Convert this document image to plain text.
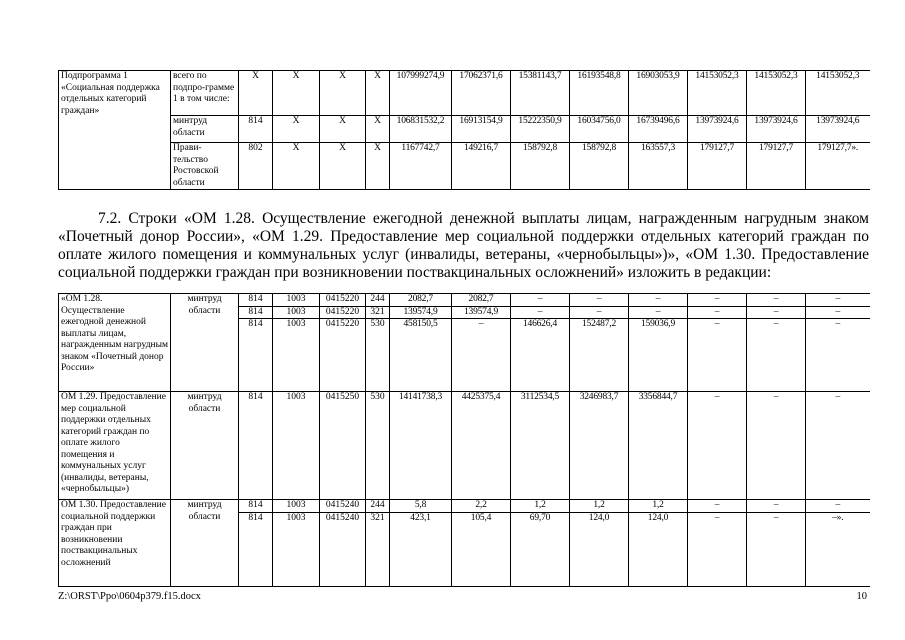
Подпрограмма 1 «Социальная поддержка отдельных категорий граждан»	всего по подпро-грамме 1 в том числе:	Х	Х	Х	Х	107999274,9	17062371,6	15381143,7	16193548,8	16903053,9	14153052,3	14153052,3	14153052,3
	минтруд области	814	Х	Х	Х	106831532,2	16913154,9	15222350,9	16034756,0	16739496,6	13973924,6	13973924,6	13973924,6
	Прави-тельство Ростовской области	802	Х	Х	Х	1167742,7	149216,7	158792,8	158792,8	163557,3	179127,7	179127,7	179127,7».

7.2. Строки «ОМ 1.28. Осуществление ежегодной денежной выплаты лицам, награжденным нагрудным знаком «Почетный донор России», «ОМ 1.29. Предоставление мер социальной поддержки отдельных категорий граждан по оплате жилого помещения и коммунальных услуг (инвалиды, ветераны, «чернобыльцы»)», «ОМ 1.30. Предоставление социальной поддержки граждан при возникновении поствакцинальных осложнений» изложить в редакции:

«ОМ 1.28. Осуществление ежегодной денежной выплаты лицам, награжденным нагрудным знаком «Почетный донор России»	минтруд области	814	1003	0415220	244	2082,7	2082,7	–	–	–	–	–	–
		814	1003	0415220	321	139574,9	139574,9	–	–	–	–	–	–
		814	1003	0415220	530	458150,5	–	146626,4	152487,2	159036,9	–	–	–
ОМ 1.29. Предоставление мер социальной поддержки отдельных категорий граждан по оплате жилого помещения и коммунальных услуг (инвалиды, ветераны, «чернобыльцы»)	минтруд области	814	1003	0415250	530	14141738,3	4425375,4	3112534,5	3246983,7	3356844,7	–	–	–
ОМ 1.30. Предоставление социальной поддержки граждан при возникновении поствакцинальных осложнений	минтруд области	814	1003	0415240	244	5,8	2,2	1,2	1,2	1,2	–	–	–
		814	1003	0415240	321	423,1	105,4	69,70	124,0	124,0	–	–	–».
Z:\ORST\Ppo\0604p379.f15.docx	10
